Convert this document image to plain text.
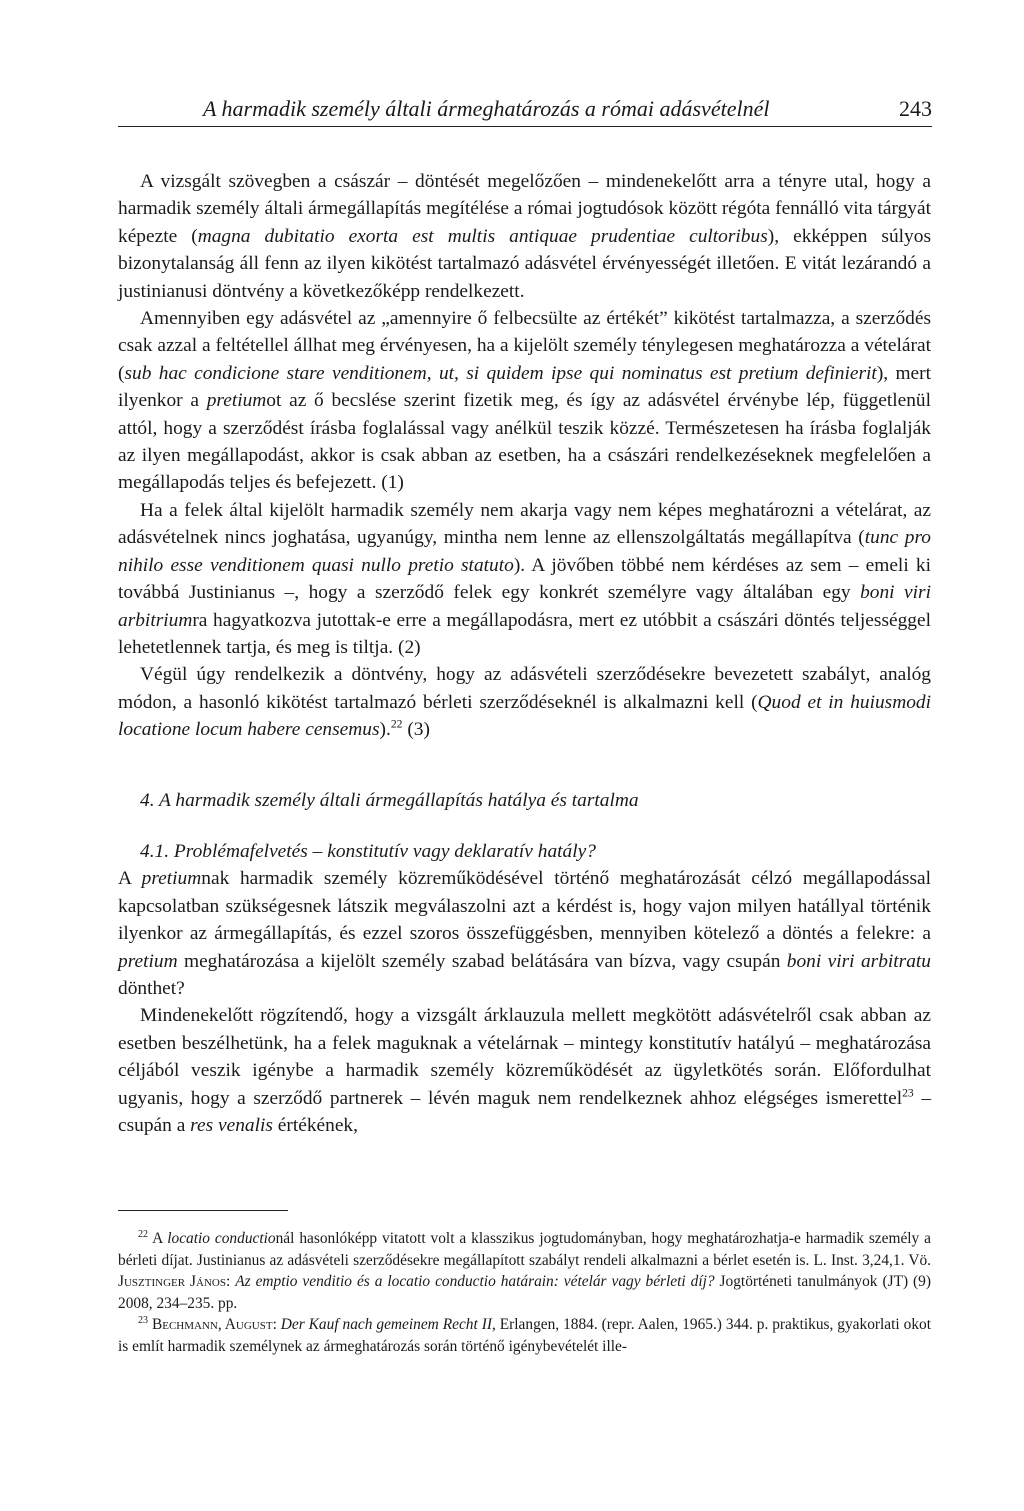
A harmadik személy általi ármeghatározás a római adásvételnél	243

A vizsgált szövegben a császár – döntését megelőzően – mindenekelőtt arra a tényre utal, hogy a harmadik személy általi ármegállapítás megítélése a római jogtudósok között régóta fennálló vita tárgyát képezte (magna dubitatio exorta est multis antiquae prudentiae cultoribus), ekképpen súlyos bizonytalanság áll fenn az ilyen kikötést tartalmazó adásvétel érvényességét illetően. E vitát lezárandó a justinianusi döntvény a következőképp rendelkezett.

Amennyiben egy adásvétel az „amennyire ő felbecsülte az értékét” kikötést tartalmazza, a szerződés csak azzal a feltétellel állhat meg érvényesen, ha a kijelölt személy ténylegesen meghatározza a vételárat (sub hac condicione stare venditionem, ut, si quidem ipse qui nominatus est pretium definierit), mert ilyenkor a pretiumot az ő becslése szerint fizetik meg, és így az adásvétel érvénybe lép, függetlenül attól, hogy a szerződést írásba foglalással vagy anélkül teszik közzé. Természetesen ha írásba foglalják az ilyen megállapodást, akkor is csak abban az esetben, ha a császári rendelkezéseknek megfelelően a megállapodás teljes és befejezett. (1)

Ha a felek által kijelölt harmadik személy nem akarja vagy nem képes meghatározni a vételárat, az adásvételnek nincs joghatása, ugyanúgy, mintha nem lenne az ellenszolgáltatás megállapítva (tunc pro nihilo esse venditionem quasi nullo pretio statuto). A jövőben többé nem kérdéses az sem – emeli ki továbbá Justinianus –, hogy a szerződő felek egy konkrét személyre vagy általában egy boni viri arbitriumra hagyatkozva jutottak-e erre a megállapodásra, mert ez utóbbit a császári döntés teljességgel lehetetlennek tartja, és meg is tiltja. (2)

Végül úgy rendelkezik a döntvény, hogy az adásvételi szerződésekre bevezetett szabályt, analóg módon, a hasonló kikötést tartalmazó bérleti szerződéseknél is alkalmazni kell (Quod et in huiusmodi locatione locum habere censemus).$^{22}$ (3)

4. A harmadik személy általi ármegállapítás hatálya és tartalma

4.1. Problémafelvetés – konstitutív vagy deklaratív hatály?

A pretiumnak harmadik személy közreműködésével történő meghatározását célzó megállapodással kapcsolatban szükségesnek látszik megválaszolni azt a kérdést is, hogy vajon milyen hatállyal történik ilyenkor az ármegállapítás, és ezzel szoros összefüggésben, mennyiben kötelező a döntés a felekre: a pretium meghatározása a kijelölt személy szabad belátására van bízva, vagy csupán boni viri arbitratu dönthet?

Mindenekelőtt rögzítendő, hogy a vizsgált árklauzula mellett megkötött adásvételről csak abban az esetben beszélhetünk, ha a felek maguknak a vételárnak – mintegy konstitutív hatályú – meghatározása céljából veszik igénybe a harmadik személy közreműködését az ügyletkötés során. Előfordulhat ugyanis, hogy a szerződő partnerek – lévén maguk nem rendelkeznek ahhoz elégséges ismerettel$^{23}$ – csupán a res venalis értékének,

$^{22}$ A locatio conductionál hasonlóképp vitatott volt a klasszikus jogtudományban, hogy meghatározhatja-e harmadik személy a bérleti díjat. Justinianus az adásvételi szerződésekre megállapított szabályt rendeli alkalmazni a bérlet esetén is. L. Inst. 3,24,1. Vö. Jusztinger János: Az emptio venditio és a locatio conductio határain: vételár vagy bérleti díj? Jogtörténeti tanulmányok (JT) (9) 2008, 234–235. pp.

$^{23}$ Bechmann, August: Der Kauf nach gemeinem Recht II, Erlangen, 1884. (repr. Aalen, 1965.) 344. p. praktikus, gyakorlati okot is említ harmadik személynek az ármeghatározás során történő igénybevételét ille-
